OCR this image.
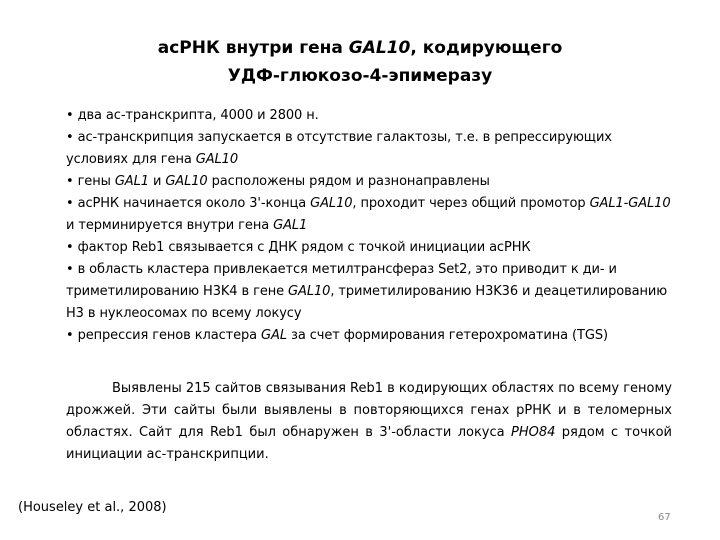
асРНК внутри гена GAL10, кодирующего
УДФ-глюкозо-4-эпимеразу
• два ас-транскрипта, 4000 и 2800 н.
• ас-транскрипция запускается в отсутствие галактозы, т.е. в репрессирующих условиях для гена GAL10
• гены GAL1 и GAL10 расположены рядом и разнонаправлены
• асРНК начинается около 3'-конца GAL10, проходит через общий промотор GAL1-GAL10 и терминируется внутри гена GAL1
• фактор Reb1 связывается с ДНК рядом с точкой инициации асРНК
• в область кластера привлекается метилтрансфераз Set2, это приводит к ди- и триметилированию H3K4 в гене GAL10, триметилированию H3K36 и деацетилированию H3 в нуклеосомах по всему локусу
• репрессия генов кластера GAL за счет формирования гетерохроматина (TGS)
Выявлены 215 сайтов связывания Reb1 в кодирующих областях по всему геному дрожжей. Эти сайты были выявлены в повторяющихся генах рРНК и в теломерных областях. Сайт для Reb1 был обнаружен в 3'-области локуса PHO84 рядом с точкой инициации ас-транскрипции.
(Houseley et al., 2008)
67
